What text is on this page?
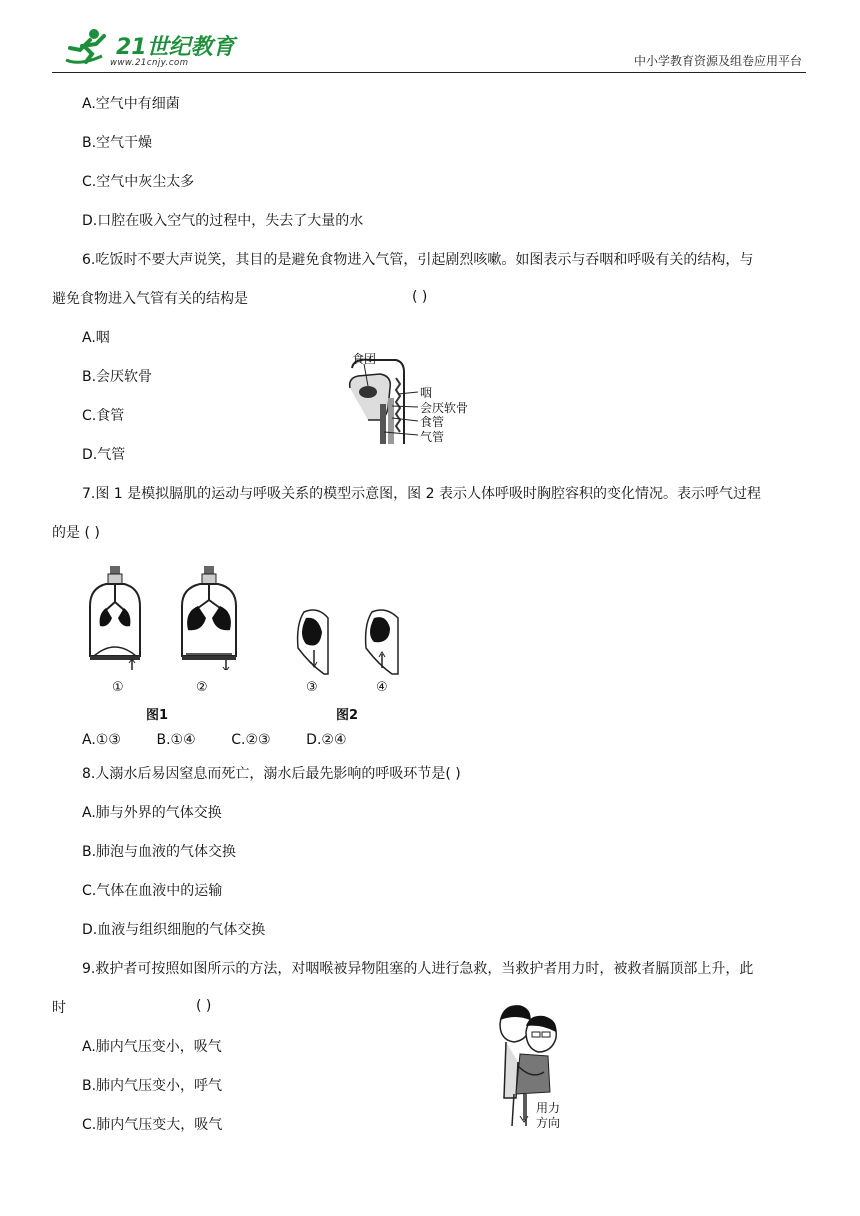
21世纪教育
www.21cnjy.com	中小学教育资源及组卷应用平台
A.空气中有细菌
B.空气干燥
C.空气中灰尘太多
D.口腔在吸入空气的过程中，失去了大量的水
6.吃饭时不要大声说笑，其目的是避免食物进入气管，引起剧烈咳嗽。如图表示与吞咽和呼吸有关的结构，与
避免食物进入气管有关的结构是	( )
A.咽
B.会厌软骨
C.食管
D.气管
食团
咽
会厌软骨
食管
气管
7.图 1 是模拟膈肌的运动与呼吸关系的模型示意图，图 2 表示人体呼吸时胸腔容积的变化情况。表示呼气过程
的是 ( )
①	②
图1
③	④
图2
A.①③        B.①④        C.②③        D.②④
8.人溺水后易因窒息而死亡，溺水后最先影响的呼吸环节是( )
A.肺与外界的气体交换
B.肺泡与血液的气体交换
C.气体在血液中的运输
D.血液与组织细胞的气体交换
9.救护者可按照如图所示的方法，对咽喉被异物阻塞的人进行急救，当救护者用力时，被救者膈顶部上升，此
时	( )
A.肺内气压变小，吸气
B.肺内气压变小，呼气
C.肺内气压变大，吸气
用力
方向
